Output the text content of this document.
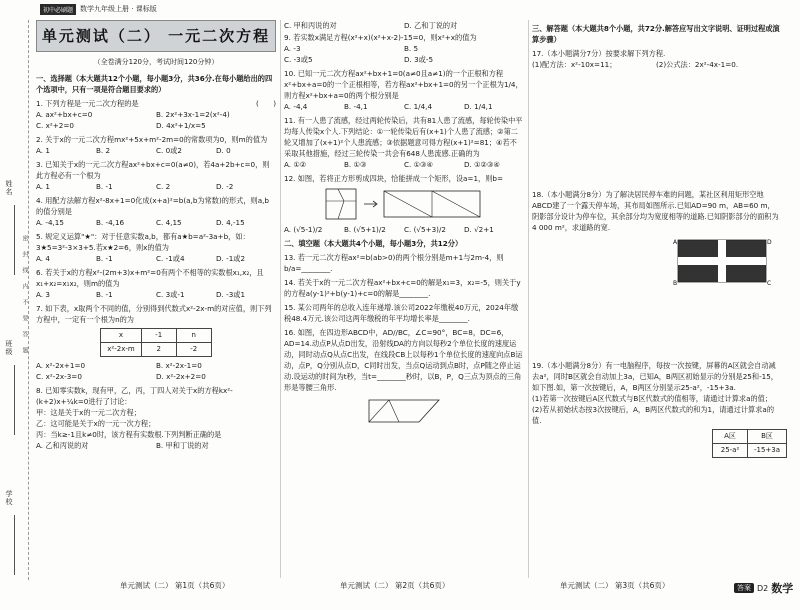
初中必刷题	数学九年级上册 · 课标版
姓名
班级
学校
密封线内不要答题
单元测试（二） 一元二次方程
（全卷满分120分，考试时间120分钟）
一、选择题（本大题共12个小题，每小题3分，共36分.在每小题给出的四个选项中，只有一项是符合题目要求的）
1. 下列方程是一元二次方程的是	(　　)
A. ax²+bx+c=0	B. 2x²+3x-1=2(x²-4)
C. x²+2=0	D. 4x²+1/x=5
2. 关于x的一元二次方程mx²+5x+m²-2m=0的常数项为0，则m的值为
A. 1	B. 2	C. 0或2	D. 0
3. 已知关于x的一元二次方程ax²+bx+c=0(a≠0)，若4a+2b+c=0，则此方程必有一个根为
A. 1	B. -1	C. 2	D. -2
4. 用配方法解方程x²-8x+1=0化成(x+a)²=b(a,b为常数)的形式，则a,b的值分别是
A. -4,15	B. -4,16	C. 4,15	D. 4,-15
5. 规定义运算"★"：对于任意实数a,b，都有a★b=a²-3a+b，如：3★5=3²-3×3+5.若x★2=6，则x的值为
A. 4	B. -1	C. -1或4	D. -1或2
6. 若关于x的方程x²-(2m+3)x+m²=0有两个不相等的实数根x₁,x₂，且x₁+x₂=x₁x₂，则m的值为
A. 3	B. -1	C. 3或-1	D. -3或1
7. 如下表，x取两个不同的值，分别得到代数式x²-2x-m的对应值，则下列方程中，一定有一个根为n的为
x	-1	n
x²-2x-m	2	-2
A. x²-2x+1=0	B. x²-2x-1=0
C. x²-2x-3=0	D. x²-2x+2=0
8. 已知零实数k，现有甲，乙，丙，丁四人对关于x的方程kx²-(k+2)x+¼k=0进行了讨论：
甲：这是关于x的一元二次方程；
乙：这可能是关于x的一元一次方程；
丙：当k≥-1且k≠0时，该方程有实数根.下列判断正确的是
A. 乙和丙说的对	B. 甲和丁说的对
C. 甲和丙说的对	D. 乙和丁说的对
9. 若实数x满足方程(x²+x)(x²+x-2)-15=0，则x²+x的值为
A. -3	B. 5
C. -3或5	D. 3或-5
10. 已知一元二次方程ax²+bx+1=0(a≠0且a≠1)的一个正根和方程x²+bx+a=0的一个正根相等，若方程ax²+bx+1=0的另一个正根为1/4，则方程x²+bx+a=0的两个根分别是
A. -4,4	B. -4,1	C. 1/4,4	D. 1/4,1
11. 有一人患了流感，经过两轮传染后，共有81人患了流感，每轮传染中平均每人传染x个人.下列结论：①一轮传染后有(x+1)个人患了流感；②第二轮又增加了(x+1)²个人患流感；③依据题意可得方程(x+1)²=81；④若不采取其他措施，经过三轮传染一共会有648人患流感.正确的为
A. ①②	B. ①③	C. ①③④	D. ①②③④
12. 如图，若将正方形剪成四块，恰能拼成一个矩形，设a=1，则b=
A. (√5-1)/2	B. (√5+1)/2	C. (√5+3)/2	D. √2+1
二、填空题（本大题共4个小题，每小题3分，共12分）
13. 若一元二次方程ax²=b(ab>0)的两个根分别是m+1与2m-4，则b/a=________.
14. 若关于x的一元二次方程ax²+bx+c=0的解是x₁=3，x₂=-5，则关于y的方程a(y-1)²+b(y-1)+c=0的解是________.
15. 某公司两年的总收入连年递增.该公司2022年缴税40万元，2024年缴税48.4万元.该公司这两年缴税的年平均增长率是________.
16. 如图，在四边形ABCD中，AD//BC，∠C=90°，BC=8，DC=6，AD=14.动点P从点D出发，沿射线DA的方向以每秒2个单位长度的速度运动，同时动点Q从点C出发，在线段CB上以每秒1个单位长度的速度向点B运动，点P，Q分别从点D，C同时出发，当点Q运动到点B时，点P随之停止运动.设运动的时间为t秒，当t=________秒时，以B，P，Q三点为顶点的三角形是等腰三角形.
三、解答题（本大题共8个小题，共72分.解答应写出文字说明、证明过程或演算步骤）
17.（本小题满分7分）按要求解下列方程.
(1)配方法：x²-10x=11；	(2)公式法：2x²-4x-1=0.
18.（本小题满分8分）为了解决居民停车难的问题，某社区利用矩形空地ABCD建了一个露天停车场，其布局如图所示.已知AD=90 m，AB=60 m，阴影部分设计为停车位，其余部分均为宽度相等的道路.已知阴影部分的面积为4 000 m²，求道路的宽.
A	D
B	C
19.（本小题满分8分）有一电脑程序，每按一次按键，屏幕的A区就会自动减去a²，同时B区就会自动加上3a，已知A，B两区初始显示的分别是25和-15，如下图.如，第一次按键后，A，B两区分别显示25-a²，-15+3a.
(1)若第一次按键后A区代数式与B区代数式的值相等，请通过计算求a的值；
(2)若从初始状态按3次按键后，A，B两区代数式的和为1，请通过计算求a的值.
A区	B区
25-a²	-15+3a
单元测试（二） 第1页（共6页）	单元测试（二） 第2页（共6页）	单元测试（二） 第3页（共6页）	答案 D2 数学
